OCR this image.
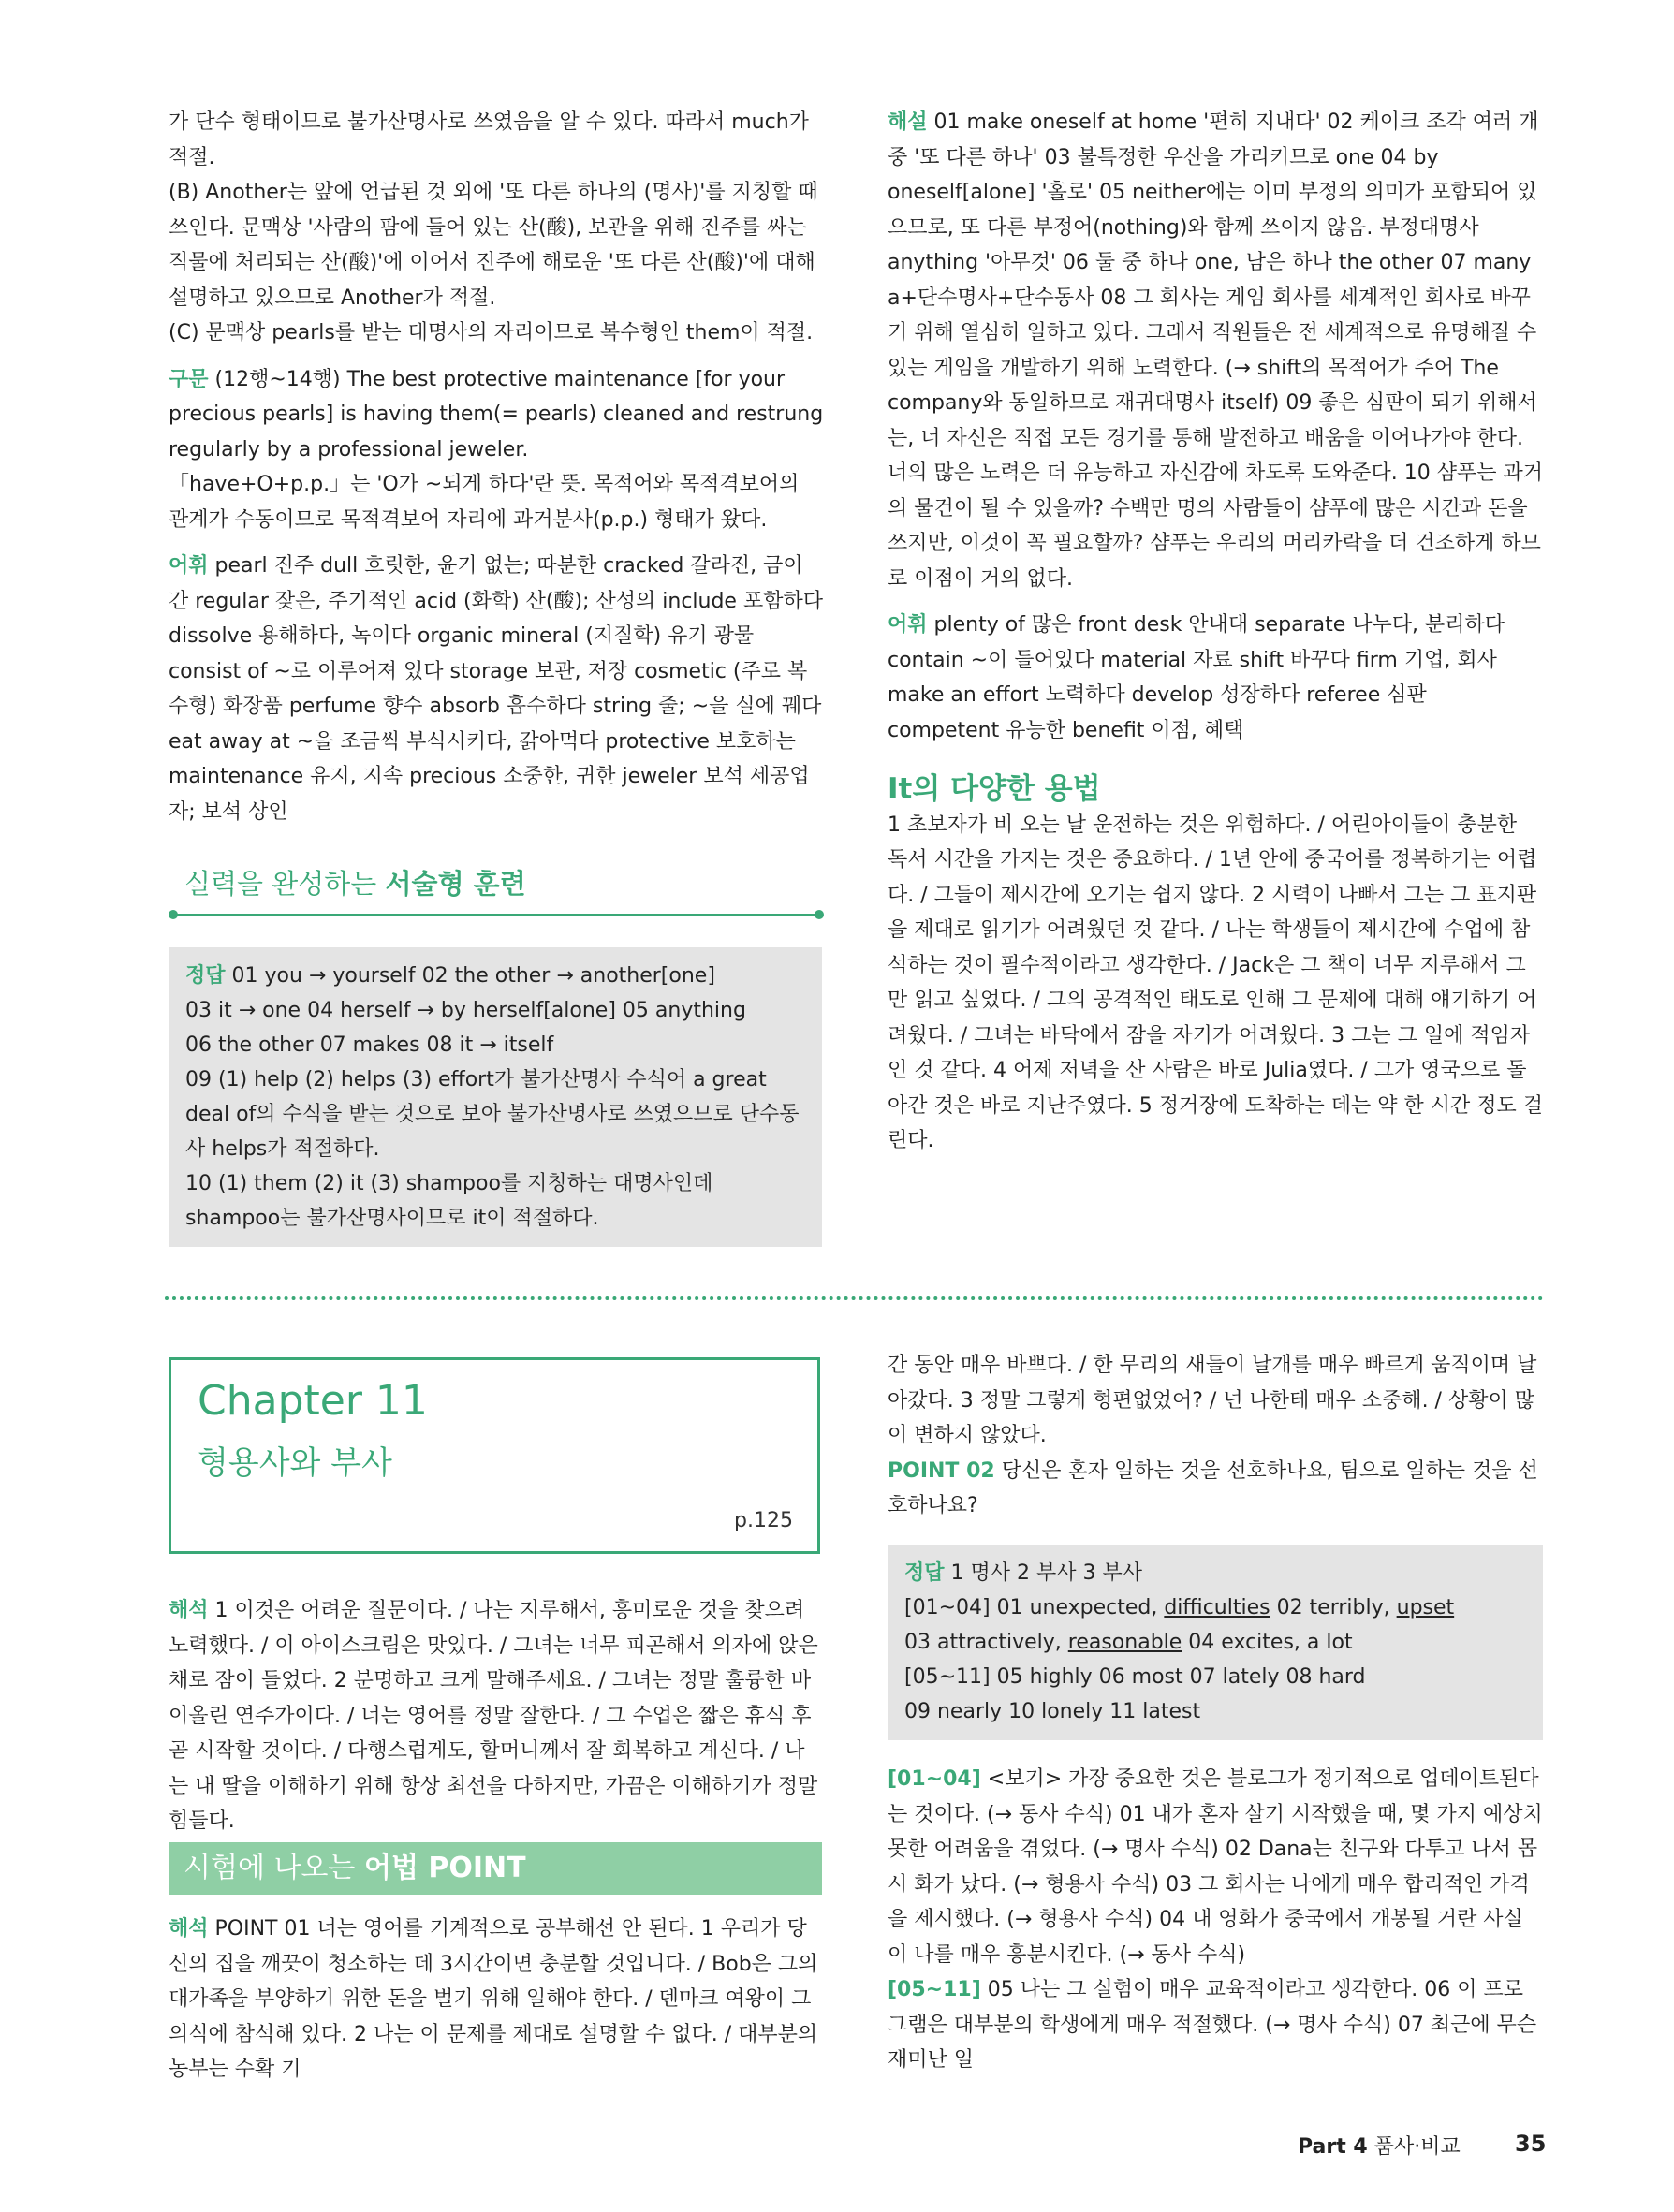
가 단수 형태이므로 불가산명사로 쓰였음을 알 수 있다. 따라서 much가 적절.

(B) Another는 앞에 언급된 것 외에 '또 다른 하나의 (명사)'를 지칭할 때 쓰인다. 문맥상 '사람의 팜에 들어 있는 산(酸), 보관을 위해 진주를 싸는 직물에 처리되는 산(酸)'에 이어서 진주에 해로운 '또 다른 산(酸)'에 대해 설명하고 있으므로 Another가 적절.

(C) 문맥상 pearls를 받는 대명사의 자리이므로 복수형인 them이 적절.

구문 (12행~14행) The best protective maintenance [for your precious pearls] is having them(= pearls) cleaned and restrung regularly by a professional jeweler.

「have+O+p.p.」는 'O가 ~되게 하다'란 뜻. 목적어와 목적격보어의 관계가 수동이므로 목적격보어 자리에 과거분사(p.p.) 형태가 왔다.

어휘 pearl 진주 dull 흐릿한, 윤기 없는; 따분한 cracked 갈라진, 금이 간 regular 잦은, 주기적인 acid (화학) 산(酸); 산성의 include 포함하다 dissolve 용해하다, 녹이다 organic mineral (지질학) 유기 광물 consist of ~로 이루어져 있다 storage 보관, 저장 cosmetic (주로 복수형) 화장품 perfume 향수 absorb 흡수하다 string 줄; ~을 실에 꿰다 eat away at ~을 조금씩 부식시키다, 갉아먹다 protective 보호하는 maintenance 유지, 지속 precious 소중한, 귀한 jeweler 보석 세공업자; 보석 상인

실력을 완성하는 서술형 훈련

정답 01 you → yourself 02 the other → another[one]

03 it → one 04 herself → by herself[alone] 05 anything

06 the other 07 makes 08 it → itself

09 (1) help (2) helps (3) effort가 불가산명사 수식어 a great deal of의 수식을 받는 것으로 보아 불가산명사로 쓰였으므로 단수동사 helps가 적절하다.

10 (1) them (2) it (3) shampoo를 지칭하는 대명사인데 shampoo는 불가산명사이므로 it이 적절하다.

해설 01 make oneself at home '편히 지내다' 02 케이크 조각 여러 개 중 '또 다른 하나' 03 불특정한 우산을 가리키므로 one 04 by oneself[alone] '홀로' 05 neither에는 이미 부정의 의미가 포함되어 있으므로, 또 다른 부정어(nothing)와 함께 쓰이지 않음. 부정대명사 anything '아무것' 06 둘 중 하나 one, 남은 하나 the other 07 many a+단수명사+단수동사 08 그 회사는 게임 회사를 세계적인 회사로 바꾸기 위해 열심히 일하고 있다. 그래서 직원들은 전 세계적으로 유명해질 수 있는 게임을 개발하기 위해 노력한다. (→ shift의 목적어가 주어 The company와 동일하므로 재귀대명사 itself) 09 좋은 심판이 되기 위해서는, 너 자신은 직접 모든 경기를 통해 발전하고 배움을 이어나가야 한다. 너의 많은 노력은 더 유능하고 자신감에 차도록 도와준다. 10 샴푸는 과거의 물건이 될 수 있을까? 수백만 명의 사람들이 샴푸에 많은 시간과 돈을 쓰지만, 이것이 꼭 필요할까? 샴푸는 우리의 머리카락을 더 건조하게 하므로 이점이 거의 없다.

어휘 plenty of 많은 front desk 안내대 separate 나누다, 분리하다 contain ~이 들어있다 material 자료 shift 바꾸다 firm 기업, 회사 make an effort 노력하다 develop 성장하다 referee 심판 competent 유능한 benefit 이점, 혜택

It의 다양한 용법

1 초보자가 비 오는 날 운전하는 것은 위험하다. / 어린아이들이 충분한 독서 시간을 가지는 것은 중요하다. / 1년 안에 중국어를 정복하기는 어렵다. / 그들이 제시간에 오기는 쉽지 않다. 2 시력이 나빠서 그는 그 표지판을 제대로 읽기가 어려웠던 것 같다. / 나는 학생들이 제시간에 수업에 참석하는 것이 필수적이라고 생각한다. / Jack은 그 책이 너무 지루해서 그만 읽고 싶었다. / 그의 공격적인 태도로 인해 그 문제에 대해 얘기하기 어려웠다. / 그녀는 바닥에서 잠을 자기가 어려웠다. 3 그는 그 일에 적임자인 것 같다. 4 어제 저녁을 산 사람은 바로 Julia였다. / 그가 영국으로 돌아간 것은 바로 지난주였다. 5 정거장에 도착하는 데는 약 한 시간 정도 걸린다.

Chapter 11
형용사와 부사
p.125

해석 1 이것은 어려운 질문이다. / 나는 지루해서, 흥미로운 것을 찾으려 노력했다. / 이 아이스크림은 맛있다. / 그녀는 너무 피곤해서 의자에 앉은 채로 잠이 들었다. 2 분명하고 크게 말해주세요. / 그녀는 정말 훌륭한 바이올린 연주가이다. / 너는 영어를 정말 잘한다. / 그 수업은 짧은 휴식 후 곧 시작할 것이다. / 다행스럽게도, 할머니께서 잘 회복하고 계신다. / 나는 내 딸을 이해하기 위해 항상 최선을 다하지만, 가끔은 이해하기가 정말 힘들다.

시험에 나오는 어법 POINT

해석 POINT 01 너는 영어를 기계적으로 공부해선 안 된다. 1 우리가 당신의 집을 깨끗이 청소하는 데 3시간이면 충분할 것입니다. / Bob은 그의 대가족을 부양하기 위한 돈을 벌기 위해 일해야 한다. / 덴마크 여왕이 그 의식에 참석해 있다. 2 나는 이 문제를 제대로 설명할 수 없다. / 대부분의 농부는 수확 기

간 동안 매우 바쁘다. / 한 무리의 새들이 날개를 매우 빠르게 움직이며 날아갔다. 3 정말 그렇게 형편없었어? / 넌 나한테 매우 소중해. / 상황이 많이 변하지 않았다.

POINT 02 당신은 혼자 일하는 것을 선호하나요, 팀으로 일하는 것을 선호하나요?

정답 1 명사 2 부사 3 부사

[01~04] 01 unexpected, difficulties 02 terribly, upset

03 attractively, reasonable 04 excites, a lot

[05~11] 05 highly 06 most 07 lately 08 hard

09 nearly 10 lonely 11 latest

[01~04] <보기> 가장 중요한 것은 블로그가 정기적으로 업데이트된다는 것이다. (→ 동사 수식) 01 내가 혼자 살기 시작했을 때, 몇 가지 예상치 못한 어려움을 겪었다. (→ 명사 수식) 02 Dana는 친구와 다투고 나서 몹시 화가 났다. (→ 형용사 수식) 03 그 회사는 나에게 매우 합리적인 가격을 제시했다. (→ 형용사 수식) 04 내 영화가 중국에서 개봉될 거란 사실이 나를 매우 흥분시킨다. (→ 동사 수식)

[05~11] 05 나는 그 실험이 매우 교육적이라고 생각한다. 06 이 프로그램은 대부분의 학생에게 매우 적절했다. (→ 명사 수식) 07 최근에 무슨 재미난 일

Part 4 품사·비교 35
